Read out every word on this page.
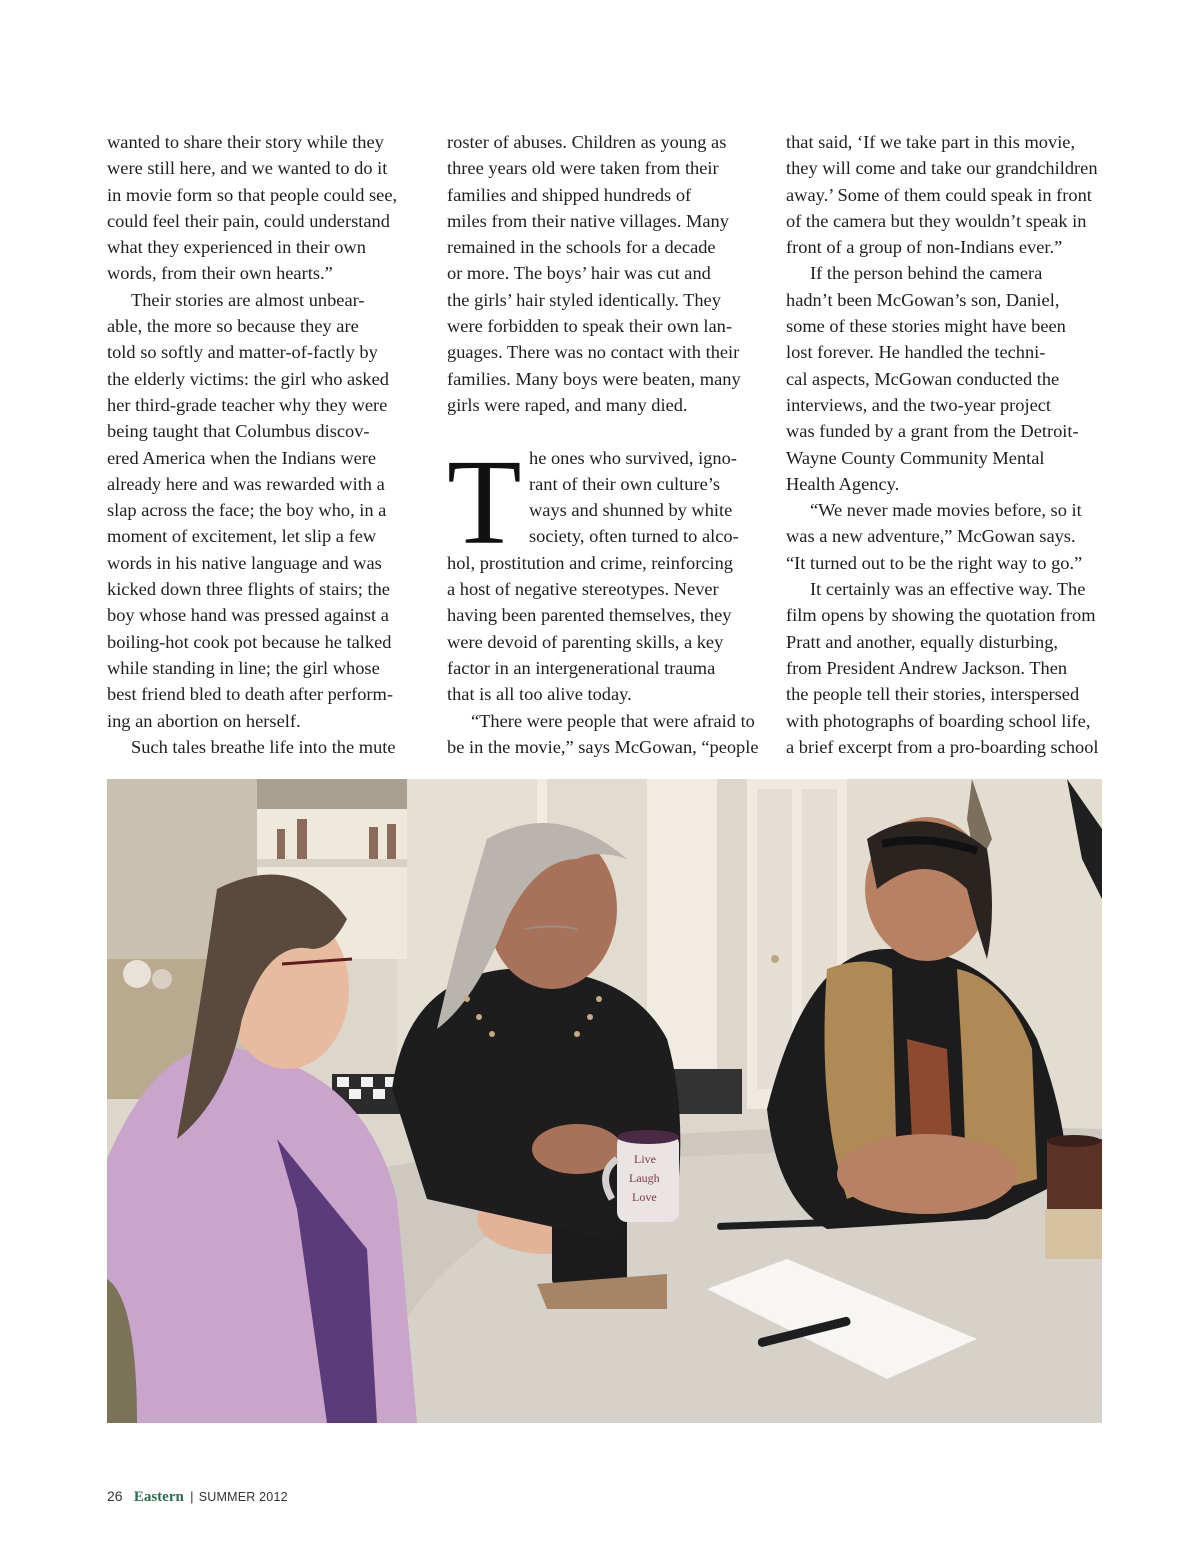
wanted to share their story while they
were still here, and we wanted to do it
in movie form so that people could see,
could feel their pain, could understand
what they experienced in their own
words, from their own hearts.”
Their stories are almost unbear-
able, the more so because they are
told so softly and matter-of-factly by
the elderly victims: the girl who asked
her third-grade teacher why they were
being taught that Columbus discov-
ered America when the Indians were
already here and was rewarded with a
slap across the face; the boy who, in a
moment of excitement, let slip a few
words in his native language and was
kicked down three flights of stairs; the
boy whose hand was pressed against a
boiling-hot cook pot because he talked
while standing in line; the girl whose
best friend bled to death after perform-
ing an abortion on herself.
Such tales breathe life into the mute
roster of abuses. Children as young as
three years old were taken from their
families and shipped hundreds of
miles from their native villages. Many
remained in the schools for a decade
or more. The boys’ hair was cut and
the girls’ hair styled identically. They
were forbidden to speak their own lan-
guages. There was no contact with their
families. Many boys were beaten, many
girls were raped, and many died.
T he ones who survived, igno-
rant of their own culture’s
ways and shunned by white
society, often turned to alco-
hol, prostitution and crime, reinforcing
a host of negative stereotypes. Never
having been parented themselves, they
were devoid of parenting skills, a key
factor in an intergenerational trauma
that is all too alive today.
“There were people that were afraid to
be in the movie,” says McGowan, “people
that said, ‘If we take part in this movie,
they will come and take our grandchildren
away.’ Some of them could speak in front
of the camera but they wouldn’t speak in
front of a group of non-Indians ever.”
If the person behind the camera
hadn’t been McGowan’s son, Daniel,
some of these stories might have been
lost forever. He handled the techni-
cal aspects, McGowan conducted the
interviews, and the two-year project
was funded by a grant from the Detroit-
Wayne County Community Mental
Health Agency.
“We never made movies before, so it
was a new adventure,” McGowan says.
“It turned out to be the right way to go.”
It certainly was an effective way. The
film opens by showing the quotation from
Pratt and another, equally disturbing,
from President Andrew Jackson. Then
the people tell their stories, interspersed
with photographs of boarding school life,
a brief excerpt from a pro-boarding school
Live
Laugh
Love
26 Eastern | SUMMER 2012
